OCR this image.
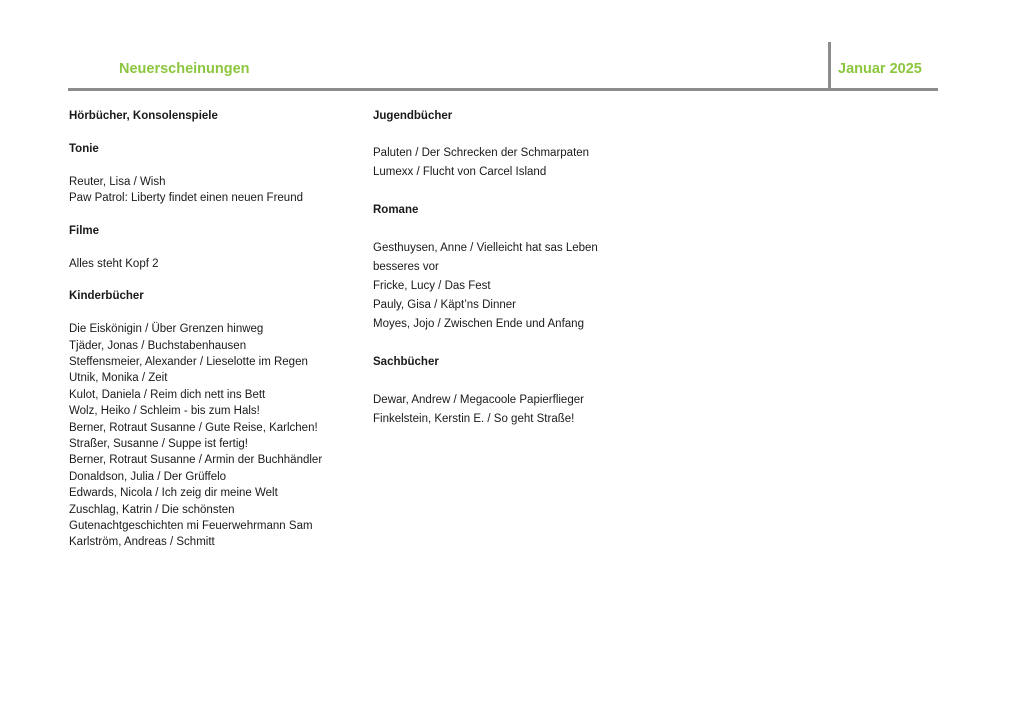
Neuerscheinungen	Januar 2025

Hörbücher, Konsolenspiele

Tonie

Reuter, Lisa / Wish

Paw Patrol: Liberty findet einen neuen Freund

Filme

Alles steht Kopf 2

Kinderbücher

Die Eiskönigin / Über Grenzen hinweg

Tjäder, Jonas / Buchstabenhausen

Steffensmeier, Alexander / Lieselotte im Regen

Utnik, Monika / Zeit

Kulot, Daniela / Reim dich nett ins Bett

Wolz, Heiko / Schleim - bis zum Hals!

Berner, Rotraut Susanne / Gute Reise, Karlchen!

Straßer, Susanne / Suppe ist fertig!

Berner, Rotraut Susanne / Armin der Buchhändler

Donaldson, Julia / Der Grüffelo

Edwards, Nicola / Ich zeig dir meine Welt

Zuschlag, Katrin / Die schönsten Gutenachtgeschichten mi Feuerwehrmann Sam

Karlström, Andreas / Schmitt

Jugendbücher

Paluten / Der Schrecken der Schmarpaten

Lumexx / Flucht von Carcel Island

Romane

Gesthuysen, Anne / Vielleicht hat sas Leben besseres vor

Fricke, Lucy / Das Fest

Pauly, Gisa / Käpt’ns Dinner

Moyes, Jojo / Zwischen Ende und Anfang

Sachbücher

Dewar, Andrew / Megacoole Papierflieger

Finkelstein, Kerstin E. / So geht Straße!
